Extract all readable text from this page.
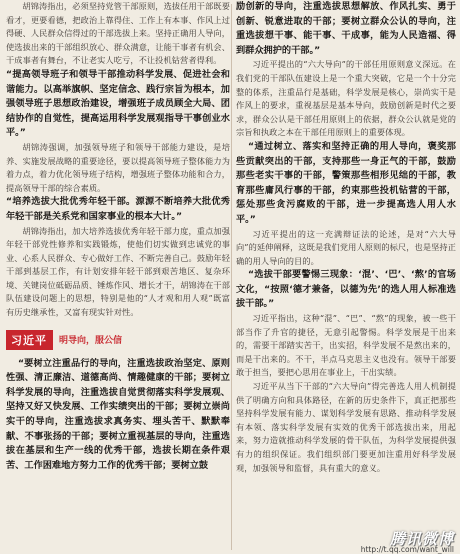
胡锦涛指出，必须坚持党管干部原则，选拔任用干部既要看才，更要看德，把政治上靠得住、工作上有本事、作风上过得硬、人民群众信得过的干部选拔上来。坚持正确用人导向，使选拔出来的干部组织放心、群众满意，让能干事者有机会、干成事者有舞台，不让老实人吃亏，不让投机钻营者得利。

“提高领导班子和领导干部推动科学发展、促进社会和谐能力。以高举旗帜、坚定信念、践行宗旨为根本，加强领导班子思想政治建设，增强班子成员顾全大局、团结协作的自觉性，提高运用科学发展观指导干事创业水平。”

胡锦涛强调，加强领导班子和领导干部能力建设，是培养、实施发展战略的重要途径，要以提高领导班子整体能力为着力点，着力优化领导班子结构，增强班子整体功能和合力，提高领导干部的综合素质。

“培养选拔大批优秀年轻干部。源源不断培养大批优秀年轻干部是关系党和国家事业的根本大计。”

胡锦涛指出，加大培养选拔优秀年轻干部力度，重点加强年轻干部党性修养和实践锻炼，使他们切实做到忠诚党的事业、心系人民群众、专心做好工作、不断完善自己。鼓励年轻干部到基层工作，有计划安排年轻干部到艰苦地区、复杂环境、关键岗位砥砺品质、锤炼作风、增长才干，胡锦涛在干部队伍建设问题上的思想，特别是他的“人才观和用人观”既富有历史继承性，又富有现实针对性。

习近平	明导向，服公信

“要树立注重品行的导向，注重选拔政治坚定、原则性强、清正廉洁、道德高尚、情趣健康的干部；要树立科学发展的导向，注重选拔自觉贯彻落实科学发展观、坚持又好又快发展、工作实绩突出的干部；要树立崇尚实干的导向，注重选拔求真务实、埋头苦干、默默奉献、不事张扬的干部；要树立重视基层的导向，注重选拔在基层和生产一线的优秀干部，选拔长期在条件艰苦、工作困难地方努力工作的优秀干部；要树立鼓

励创新的导向，注重选拔思想解放、作风扎实、勇于创新、锐意进取的干部；要树立群众公认的导向，注重选拔想干事、能干事、干成事，能为人民造福、得到群众拥护的干部。”

习近平提出的“六大导向”的干部任用原则意义深远。在我们党的干部队伍建设上是一个重大突破，它是一个十分完整的体系，注重品行是基础，科学发展是核心，崇尚实干是作风上的要求，重视基层是基本导向，鼓励创新是时代之要求，群众公认是干部任用原则上的依据，群众公认就是党的宗旨和执政之本在干部任用原则上的重要体现。

“通过树立、落实和坚持正确的用人导向，褒奖那些贡献突出的干部，支持那些一身正气的干部，鼓励那些老实干事的干部，警策那些相形见绌的干部，教育那些庸风行事的干部，约束那些投机钻营的干部，惩处那些贪污腐败的干部，进一步提高选人用人水平。”

习近平提出的这一充满辩证法的论述，是对“六大导向”的延伸阐释，这既是我们党用人原则的标尺，也是坚持正确的用人导向的目的。

“选拔干部要警惕三现象：‘混’、‘巴’、‘熬’的官场文化，“按照‘德才兼备，以德为先’的选人用人标准选拔干部。”

习近平指出，这种“混”、“巴”、“熬”的现象，被一些干部当作了升官的捷径，无意引起警惕。科学发展是干出来的，需要干部踏实苦干，出实招，科学发展不是熬出来的，而是干出来的。不干，半点马克思主义也没有。领导干部要敢于担当，要把心思用在事业上，干出实绩。

习近平从当下干部的“六大导向”得完善选人用人机制提供了明确方向和具体路径，在新的历史条件下，真正把那些坚持科学发展有能力、谋划科学发展有思路、推动科学发展有本领、落实科学发展有实效的优秀干部选拔出来，用起来，努力造就推动科学发展的骨干队伍，为科学发展提供强有力的组织保证。我们组织部门要更加注重用好科学发展观，加强领导和监督，具有重大的意义。

腾讯微博
http://t.qq.com/want_will
